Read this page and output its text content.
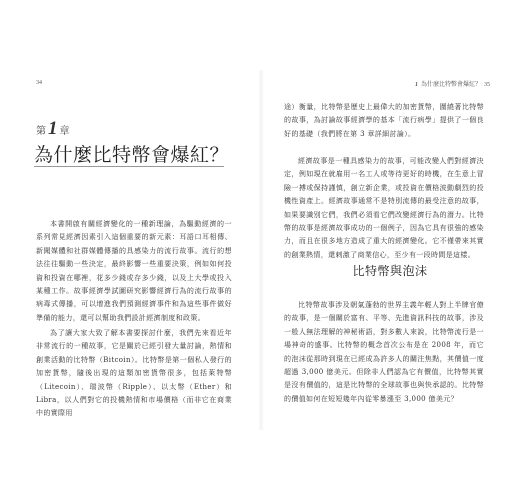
34
第 1 章
為什麼比特幣會爆紅？

本書開啟有關經濟變化的一種新理論，為驅動經濟的一系列常見經濟因素引入這個重要的新元素：耳語口耳相傳、新聞媒體和社群媒體傳播的具感染力的流行故事。流行的想法往往驅動一些決定，最終影響一些重要決策，例如如何投資和投資在哪裡，花多少錢或存多少錢，以及上大學或投入某種工作。故事經濟學試圖研究影響經濟行為的流行故事的病毒式傳播，可以增進我們預測經濟事件和為這些事件做好準備的能力，還可以幫助我們設計經濟制度和政策。

為了讓大家大致了解本書要探討什麼，我們先來看近年非常流行的一種故事，它是關於已經引發大量討論，熱情和創業活動的比特幣（Bitcoin）。比特幣是第一個私人發行的加密貨幣，隨後出現的這類加密貨幣很多，包括萊特幣（Litecoin）、瑞波幣（Ripple）、以太幣（Ether）和 Libra，以人們對它的投機熱情和市場價格（而非它在商業中的實際用

1 為什麼比特幣會爆紅？ 35

途）衡量，比特幣是歷史上最偉大的加密貨幣，圍繞著比特幣的故事，為討論故事經濟學的基本「流行病學」提供了一個良好的基礎（我們將在第 3 章詳細討論）。

經濟故事是一種具感染力的故事，可能改變人們對經濟決定，例如現在就雇用一名工人或等待更好的時機，在生意上冒險一搏或保持謹慎，創立新企業，或投資在價格波動劇烈的投機性資產上。經濟故事通常不是特別流傳的最受注意的故事，如果要識別它們，我們必須看它們改變經濟行為的潛力。比特幣的故事是經濟故事成功的一個例子，因為它具有很強的感染力，而且在很多地方造成了重大的經濟變化。它不僅帶來其實的創業熱情，還刺激了商業信心，至少有一段時間是這樣。

比特幣與泡沫

比特幣故事涉及朝氣蓬勃的世界主義年輕人對上半牌官僚的故事，是一個關於富有、平等、先進資訊科技的故事，涉及一般人無法理解的神秘術語，對多數人來說，比特幣流行是一場神奇的盛事。比特幣的概念首次公布是在 2008 年，而它的泡沫從那時到現在已經成為許多人的關注焦點，其價值一度超過 3,000 億美元。但除非人們認為它有價值，比特幣其實是沒有價值的，這是比特幣的全球故事也與快承認的。比特幣的價值如何在短短幾年內從零暴漲至 3,000 億美元？
